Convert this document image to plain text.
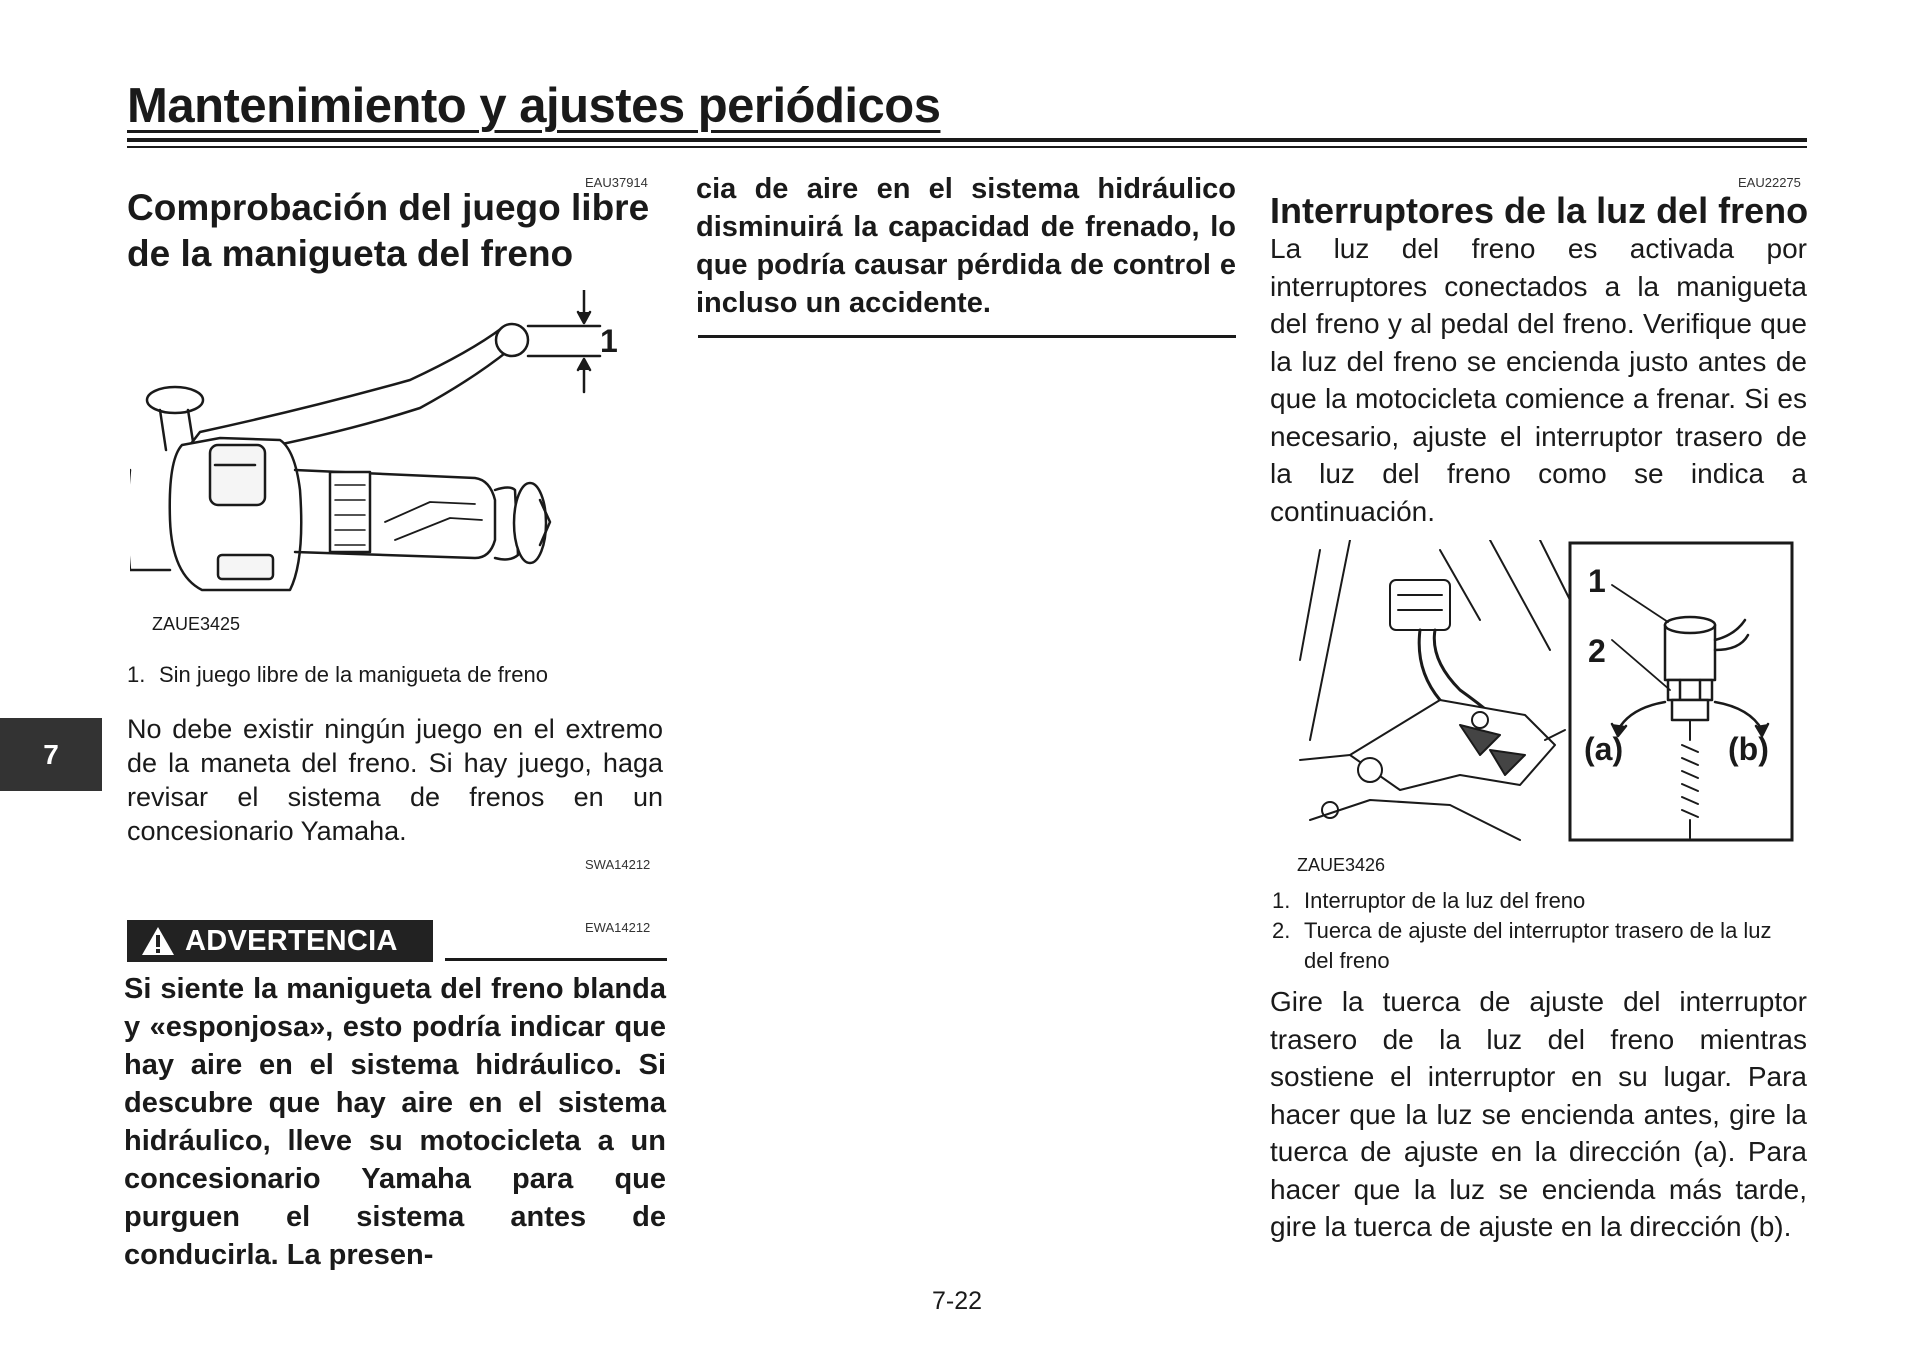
Mantenimiento y ajustes periódicos
7
EAU37914
Comprobación del juego libre
de la manigueta del freno
1
ZAUE3425
1. Sin juego libre de la manigueta de freno

No debe existir ningún juego en el extremo de la maneta del freno. Si hay juego, haga revisar el sistema de frenos en un concesionario Yamaha.

SWA14212
ADVERTENCIA	EWA14212

Si siente la manigueta del freno blanda y «esponjosa», esto podría indicar que hay aire en el sistema hidráulico. Si descubre que hay aire en el sistema hidráulico, lleve su motocicleta a un concesionario Yamaha para que purguen el sistema antes de conducirla. La presen-

cia de aire en el sistema hidráulico disminuirá la capacidad de frenado, lo que podría causar pérdida de control e incluso un accidente.

EAU22275
Interruptores de la luz del freno

La luz del freno es activada por interruptores conectados a la manigueta del freno y al pedal del freno. Verifique que la luz del freno se encienda justo antes de que la motocicleta comience a frenar. Si es necesario, ajuste el interruptor trasero de la luz del freno como se indica a continuación.

1
2
(a)	(b)
ZAUE3426
1. Interruptor de la luz del freno
2. Tuerca de ajuste del interruptor trasero de la luz del freno

Gire la tuerca de ajuste del interruptor trasero de la luz del freno mientras sostiene el interruptor en su lugar. Para hacer que la luz se encienda antes, gire la tuerca de ajuste en la dirección (a). Para hacer que la luz se encienda más tarde, gire la tuerca de ajuste en la dirección (b).

7-22
